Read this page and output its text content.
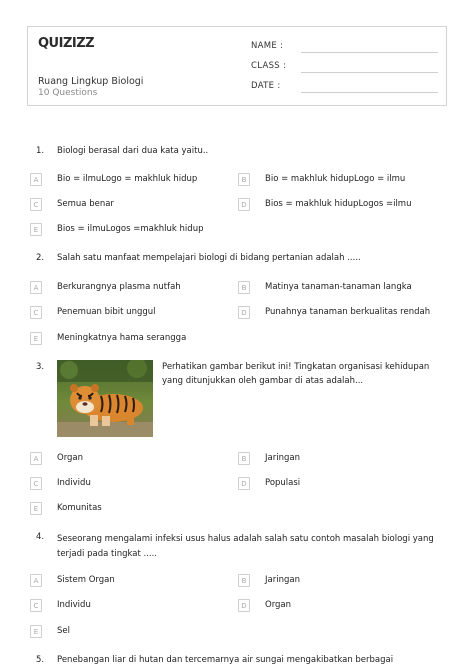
QUIZIZZ
Ruang Lingkup Biologi
10 Questions
NAME :
CLASS :
DATE :
1. Biologi berasal dari dua kata yaitu..
A	Bio = ilmuLogo = makhluk hidup	B	Bio = makhluk hidupLogo = ilmu
C	Semua benar	D	Bios = makhluk hidupLogos =ilmu
E	Bios = ilmuLogos =makhluk hidup
2. Salah satu manfaat mempelajari biologi di bidang pertanian adalah .....
A	Berkurangnya plasma nutfah	B	Matinya tanaman-tanaman langka
C	Penemuan bibit unggul	D	Punahnya tanaman berkualitas rendah
E	Meningkatnya hama serangga
3.	Perhatikan gambar berikut ini! Tingkatan organisasi kehidupan yang ditunjukkan oleh gambar di atas adalah...
A	Organ	B	Jaringan
C	Individu	D	Populasi
E	Komunitas
4. Seseorang mengalami infeksi usus halus adalah salah satu contoh masalah biologi yang terjadi pada tingkat .....
A	Sistem Organ	B	Jaringan
C	Individu	D	Organ
E	Sel
5. Penebangan liar di hutan dan tercemarnya air sungai mengakibatkan berbagai
